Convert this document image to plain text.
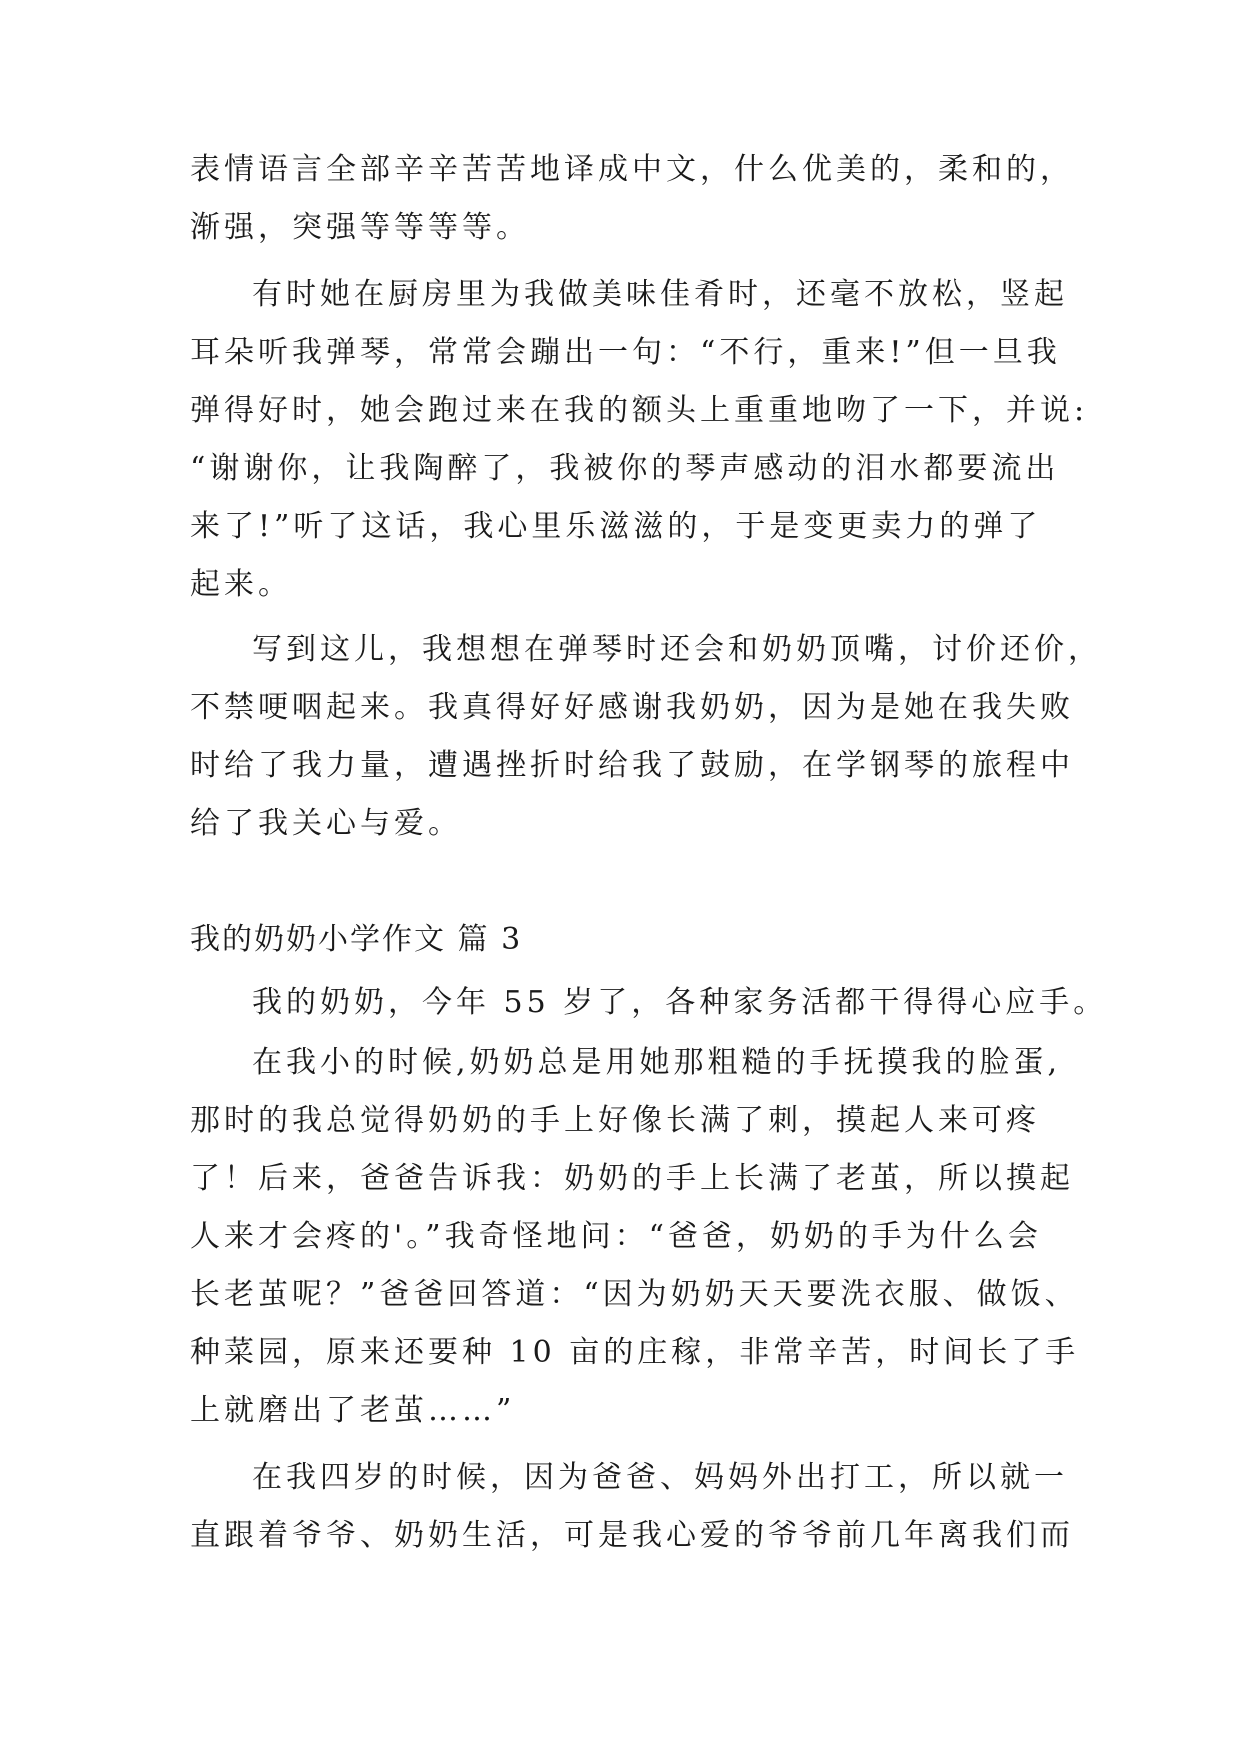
表情语言全部辛辛苦苦地译成中文，什么优美的，柔和的，
渐强，突强等等等等。
有时她在厨房里为我做美味佳肴时，还毫不放松，竖起
耳朵听我弹琴，常常会蹦出一句：“不行，重来!”但一旦我
弹得好时，她会跑过来在我的额头上重重地吻了一下，并说:
“谢谢你，让我陶醉了，我被你的琴声感动的泪水都要流出
来了!”听了这话，我心里乐滋滋的，于是变更卖力的弹了
起来。
写到这儿，我想想在弹琴时还会和奶奶顶嘴，讨价还价，
不禁哽咽起来。我真得好好感谢我奶奶，因为是她在我失败
时给了我力量，遭遇挫折时给我了鼓励，在学钢琴的旅程中
给了我关心与爱。
我的奶奶小学作文 篇 3
我的奶奶，今年 55 岁了，各种家务活都干得得心应手。
在我小的时候,奶奶总是用她那粗糙的手抚摸我的脸蛋,
那时的我总觉得奶奶的手上好像长满了刺，摸起人来可疼
了！后来，爸爸告诉我：奶奶的手上长满了老茧，所以摸起
人来才会疼的'。”我奇怪地问：“爸爸，奶奶的手为什么会
长老茧呢？”爸爸回答道：“因为奶奶天天要洗衣服、做饭、
种菜园，原来还要种 10 亩的庄稼，非常辛苦，时间长了手
上就磨出了老茧……”
在我四岁的时候，因为爸爸、妈妈外出打工，所以就一
直跟着爷爷、奶奶生活，可是我心爱的爷爷前几年离我们而
